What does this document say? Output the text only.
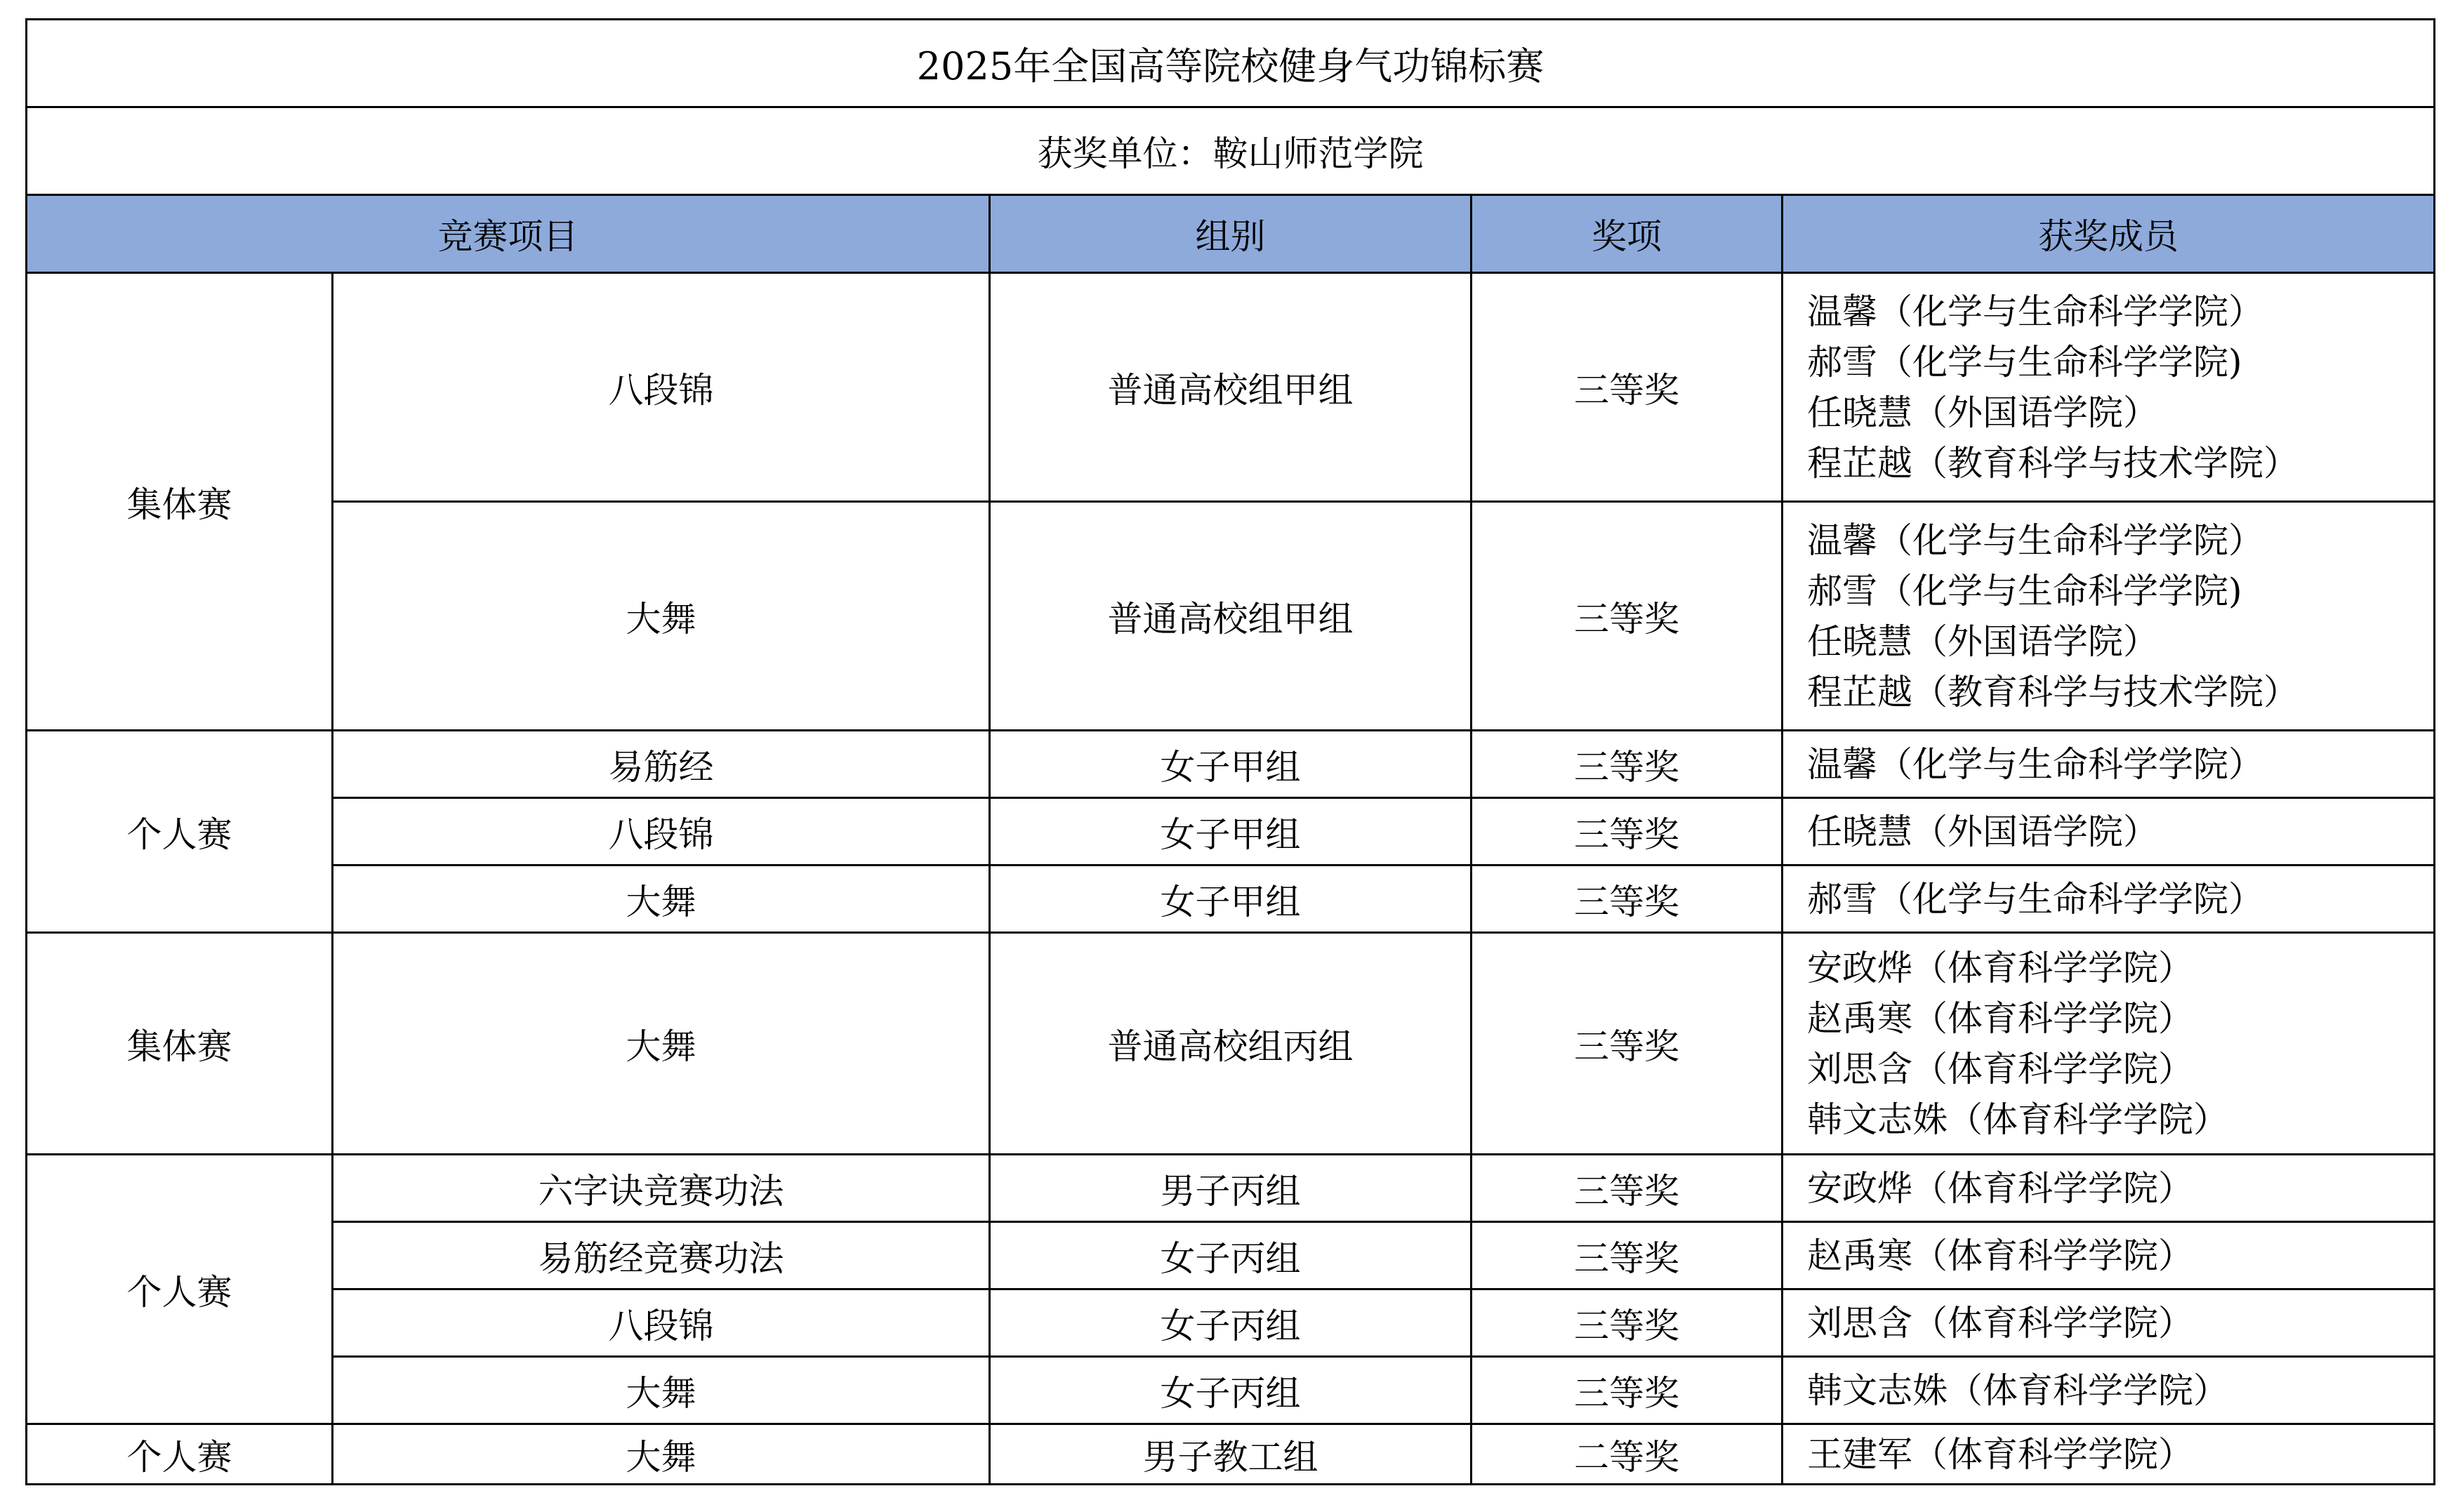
2025年全国高等院校健身气功锦标赛				
获奖单位：鞍山师范学院				
竞赛项目		组别	奖项	获奖成员
集体赛	八段锦	普通高校组甲组	三等奖	温馨（化学与生命科学学院）
郝雪（化学与生命科学学院)
任晓慧（外国语学院）
程芷越（教育科学与技术学院）

	大舞	普通高校组甲组	三等奖	温馨（化学与生命科学学院）
郝雪（化学与生命科学学院)
任晓慧（外国语学院）
程芷越（教育科学与技术学院）

个人赛	易筋经	女子甲组	三等奖	温馨（化学与生命科学学院）

	八段锦	女子甲组	三等奖	任晓慧（外国语学院）

	大舞	女子甲组	三等奖	郝雪（化学与生命科学学院）

集体赛	大舞	普通高校组丙组	三等奖	安政烨（体育科学学院）
赵禹寒（体育科学学院）
刘思含（体育科学学院）
韩文志姝（体育科学学院）

个人赛	六字诀竞赛功法	男子丙组	三等奖	安政烨（体育科学学院）

	易筋经竞赛功法	女子丙组	三等奖	赵禹寒（体育科学学院）

	八段锦	女子丙组	三等奖	刘思含（体育科学学院）

	大舞	女子丙组	三等奖	韩文志姝（体育科学学院）

个人赛	大舞	男子教工组	二等奖	王建军（体育科学学院）
